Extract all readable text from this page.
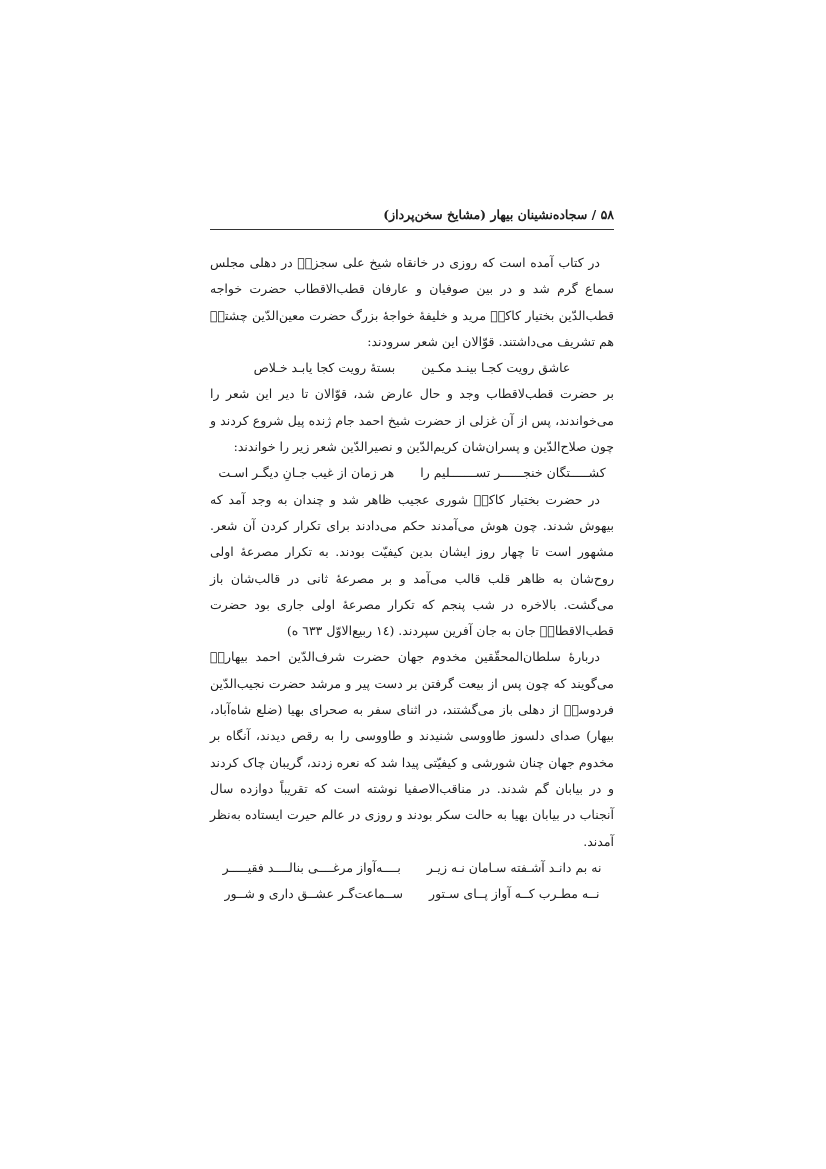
۵۸ / سجاده‌نشینان بیهار (مشایخ سخن‌پرداز)

در کتاب آمده است که روزی در خانقاه شیخ علی سجزیؒ در دهلی مجلس سماع گرم شد و در بین صوفیان و عارفان قطب‌الاقطاب حضرت خواجه قطب‌الدّین بختیار کاکیؒ مرید و خلیفهٔ خواجهٔ بزرگ حضرت معین‌الدّین چشتیؓ هم تشریف می‌داشتند. قوّالان این شعر سرودند:

عاشق رویت کجـا بینـد مکـین
بستهٔ رویت کجا یابـد خـلاص

بر حضرت قطب‌لاقطاب وجد و حال عارض شد، قوّالان تا دیر این شعر را می‌خواندند، پس از آن غزلی از حضرت شیخ احمد جام ژنده پیل شروع کردند و چون صلاح‌الدّین و پسران‌شان کریم‌الدّین و نصیرالدّین شعر زیر را خواندند:

کشـــــتگان خنجــــــر تســـــــلیم را
هر زمان از غیب جـانِ دیگـر اسـت

در حضرت بختیار کاکیؒ شوری عجیب ظاهر شد و چندان به وجد آمد که بیهوش شدند. چون هوش می‌آمدند حکم می‌دادند برای تکرار کردن آن شعر. مشهور است تا چهار روز ایشان بدین کیفیّت بودند. به تکرار مصرعهٔ اولی روح‌شان به ظاهر قلب قالب می‌آمد و بر مصرعهٔ ثانی در قالب‌شان باز می‌گشت. بالاخره در شب پنجم که تکرار مصرعهٔ اولی جاری بود حضرت قطب‌الاقطابؒ جان به جان آفرین سپردند. (١٤ ربیع‌الاوّل ٦٣٣ ه)

دربارهٔ سلطان‌المحقّقین مخدوم جهان حضرت شرف‌الدّین احمد بیهاریؒ می‌گویند که چون پس از بیعت گرفتن بر دست پیر و مرشد حضرت نجیب‌الدّین فردوسیؓ از دهلی باز می‌گشتند، در اثنای سفر به صحرای بهیا (ضلع شاه‌آباد، بیهار) صدای دلسوز طاووسی شنیدند و طاووسی را به رقص دیدند، آنگاه بر مخدوم جهان چنان شورشی و کیفیّتی پیدا شد که نعره زدند، گریبان چاک کردند و در بیابان گم شدند. در مناقب‌الاصفیا نوشته است که تقریباً دوازده سال آنجناب در بیابان بهیا به حالت سکر بودند و روزی در عالم حیرت ایستاده به‌نظر آمدند.

نه بم دانـد آشـفته سـامان نـه زیـر
بــــه‌آواز مرغــــی بنالــــد فقیـــــر
نــه مطـرب کــه آواز پــای سـتور
ســماعت‌گـر عشــق داری و شــور
